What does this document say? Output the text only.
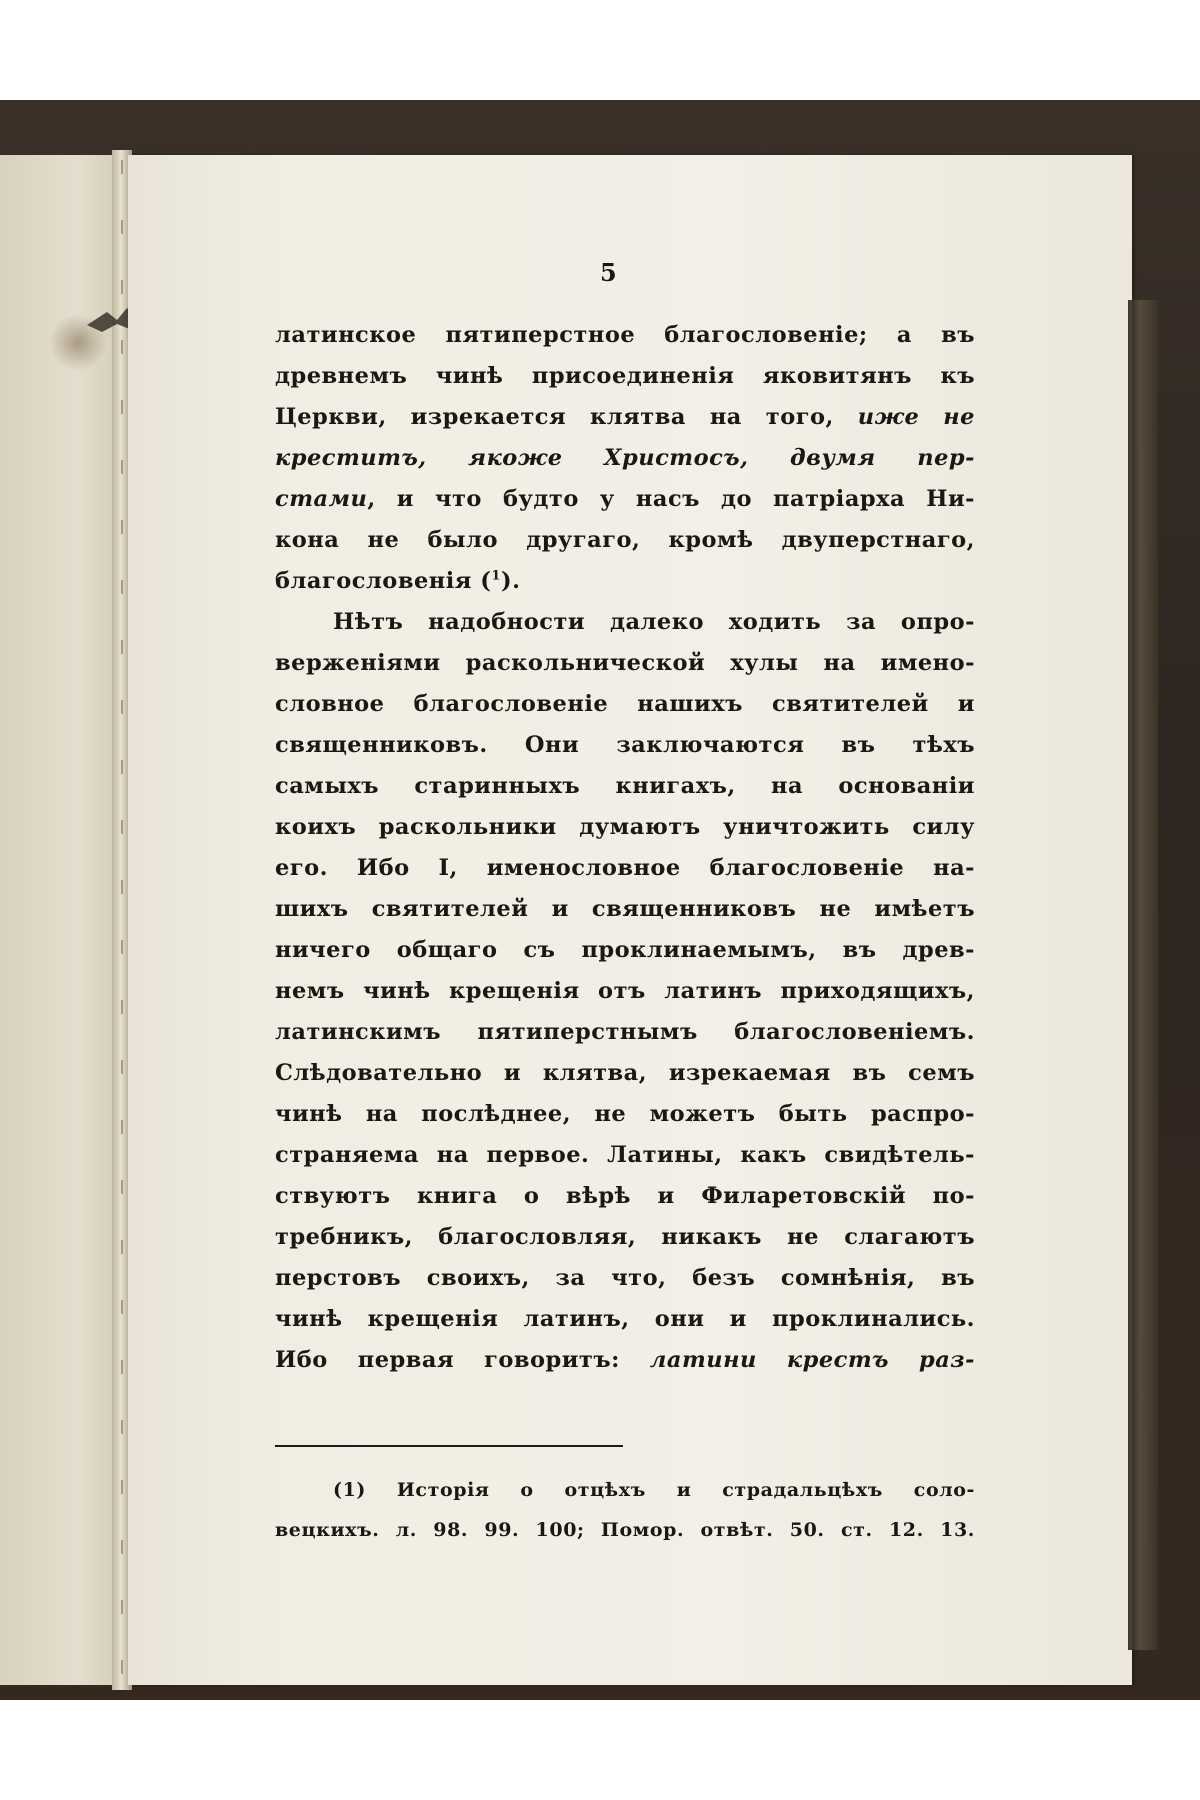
5
латинское пятиперстное благословеніе; а въ
древнемъ чинѣ присоединенія яковитянъ къ
Церкви, изрекается клятва на того, иже не
креститъ, якоже Христосъ, двумя пер-
стами, и что будто у насъ до патріарха Ни-
кона не было другаго, кромѣ двуперстнаго,
благословенія ($^1$).
Нѣтъ надобности далеко ходить за опро-
верженіями раскольнической хулы на имено-
словное благословеніе нашихъ святителей и
священниковъ. Они заключаются въ тѣхъ
самыхъ старинныхъ книгахъ, на основаніи
коихъ раскольники думаютъ уничтожить силу
его. Ибо I, именословное благословеніе на-
шихъ святителей и священниковъ не имѣетъ
ничего общаго съ проклинаемымъ, въ древ-
немъ чинѣ крещенія отъ латинъ приходящихъ,
латинскимъ пятиперстнымъ благословеніемъ.
Слѣдовательно и клятва, изрекаемая въ семъ
чинѣ на послѣднее, не можетъ быть распро-
страняема на первое. Латины, какъ свидѣтель-
ствуютъ книга о вѣрѣ и Филаретовскій по-
требникъ, благословляя, никакъ не слагаютъ
перстовъ своихъ, за что, безъ сомнѣнія, въ
чинѣ крещенія латинъ, они и проклинались.
Ибо первая говоритъ: латини крестъ раз-
(1) Исторія о отцѣхъ и страдальцѣхъ соло-
вецкихъ. л. 98. 99. 100; Помор. отвѣт. 50. ст. 12. 13.
